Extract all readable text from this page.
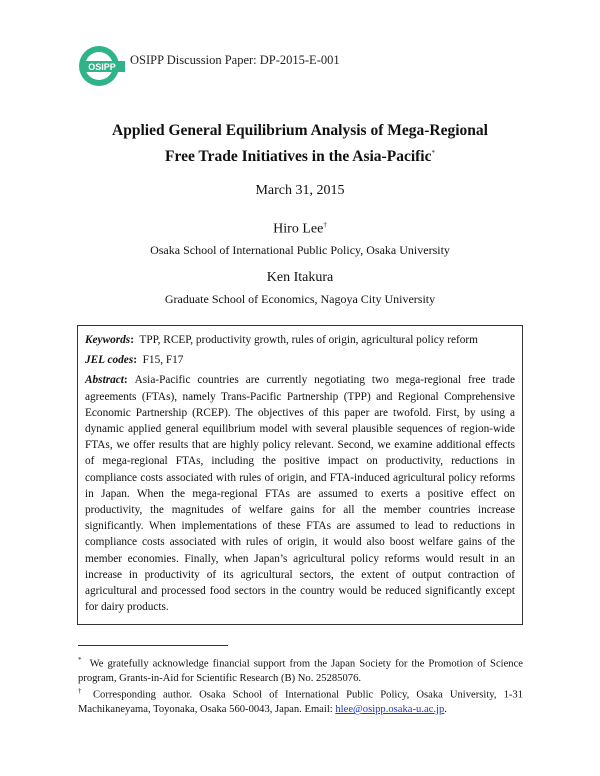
OSIPP OSIPP Discussion Paper: DP-2015-E-001
Applied General Equilibrium Analysis of Mega-Regional
Free Trade Initiatives in the Asia-Pacific*
March 31, 2015
Hiro Lee†
Osaka School of International Public Policy, Osaka University
Ken Itakura
Graduate School of Economics, Nagoya City University

Keywords: TPP, RCEP, productivity growth, rules of origin, agricultural policy reform

JEL codes: F15, F17

Abstract: Asia-Pacific countries are currently negotiating two mega-regional free trade agreements (FTAs), namely Trans-Pacific Partnership (TPP) and Regional Comprehensive Economic Partnership (RCEP). The objectives of this paper are twofold. First, by using a dynamic applied general equilibrium model with several plausible sequences of region-wide FTAs, we offer results that are highly policy relevant. Second, we examine additional effects of mega-regional FTAs, including the positive impact on productivity, reductions in compliance costs associated with rules of origin, and FTA-induced agricultural policy reforms in Japan. When the mega-regional FTAs are assumed to exerts a positive effect on productivity, the magnitudes of welfare gains for all the member countries increase significantly. When implementations of these FTAs are assumed to lead to reductions in compliance costs associated with rules of origin, it would also boost welfare gains of the member economies. Finally, when Japan’s agricultural policy reforms would result in an increase in productivity of its agricultural sectors, the extent of output contraction of agricultural and processed food sectors in the country would be reduced significantly except for dairy products.

* We gratefully acknowledge financial support from the Japan Society for the Promotion of Science program, Grants-in-Aid for Scientific Research (B) No. 25285076.
† Corresponding author. Osaka School of International Public Policy, Osaka University, 1-31 Machikaneyama, Toyonaka, Osaka 560-0043, Japan. Email: hlee@osipp.osaka-u.ac.jp.
